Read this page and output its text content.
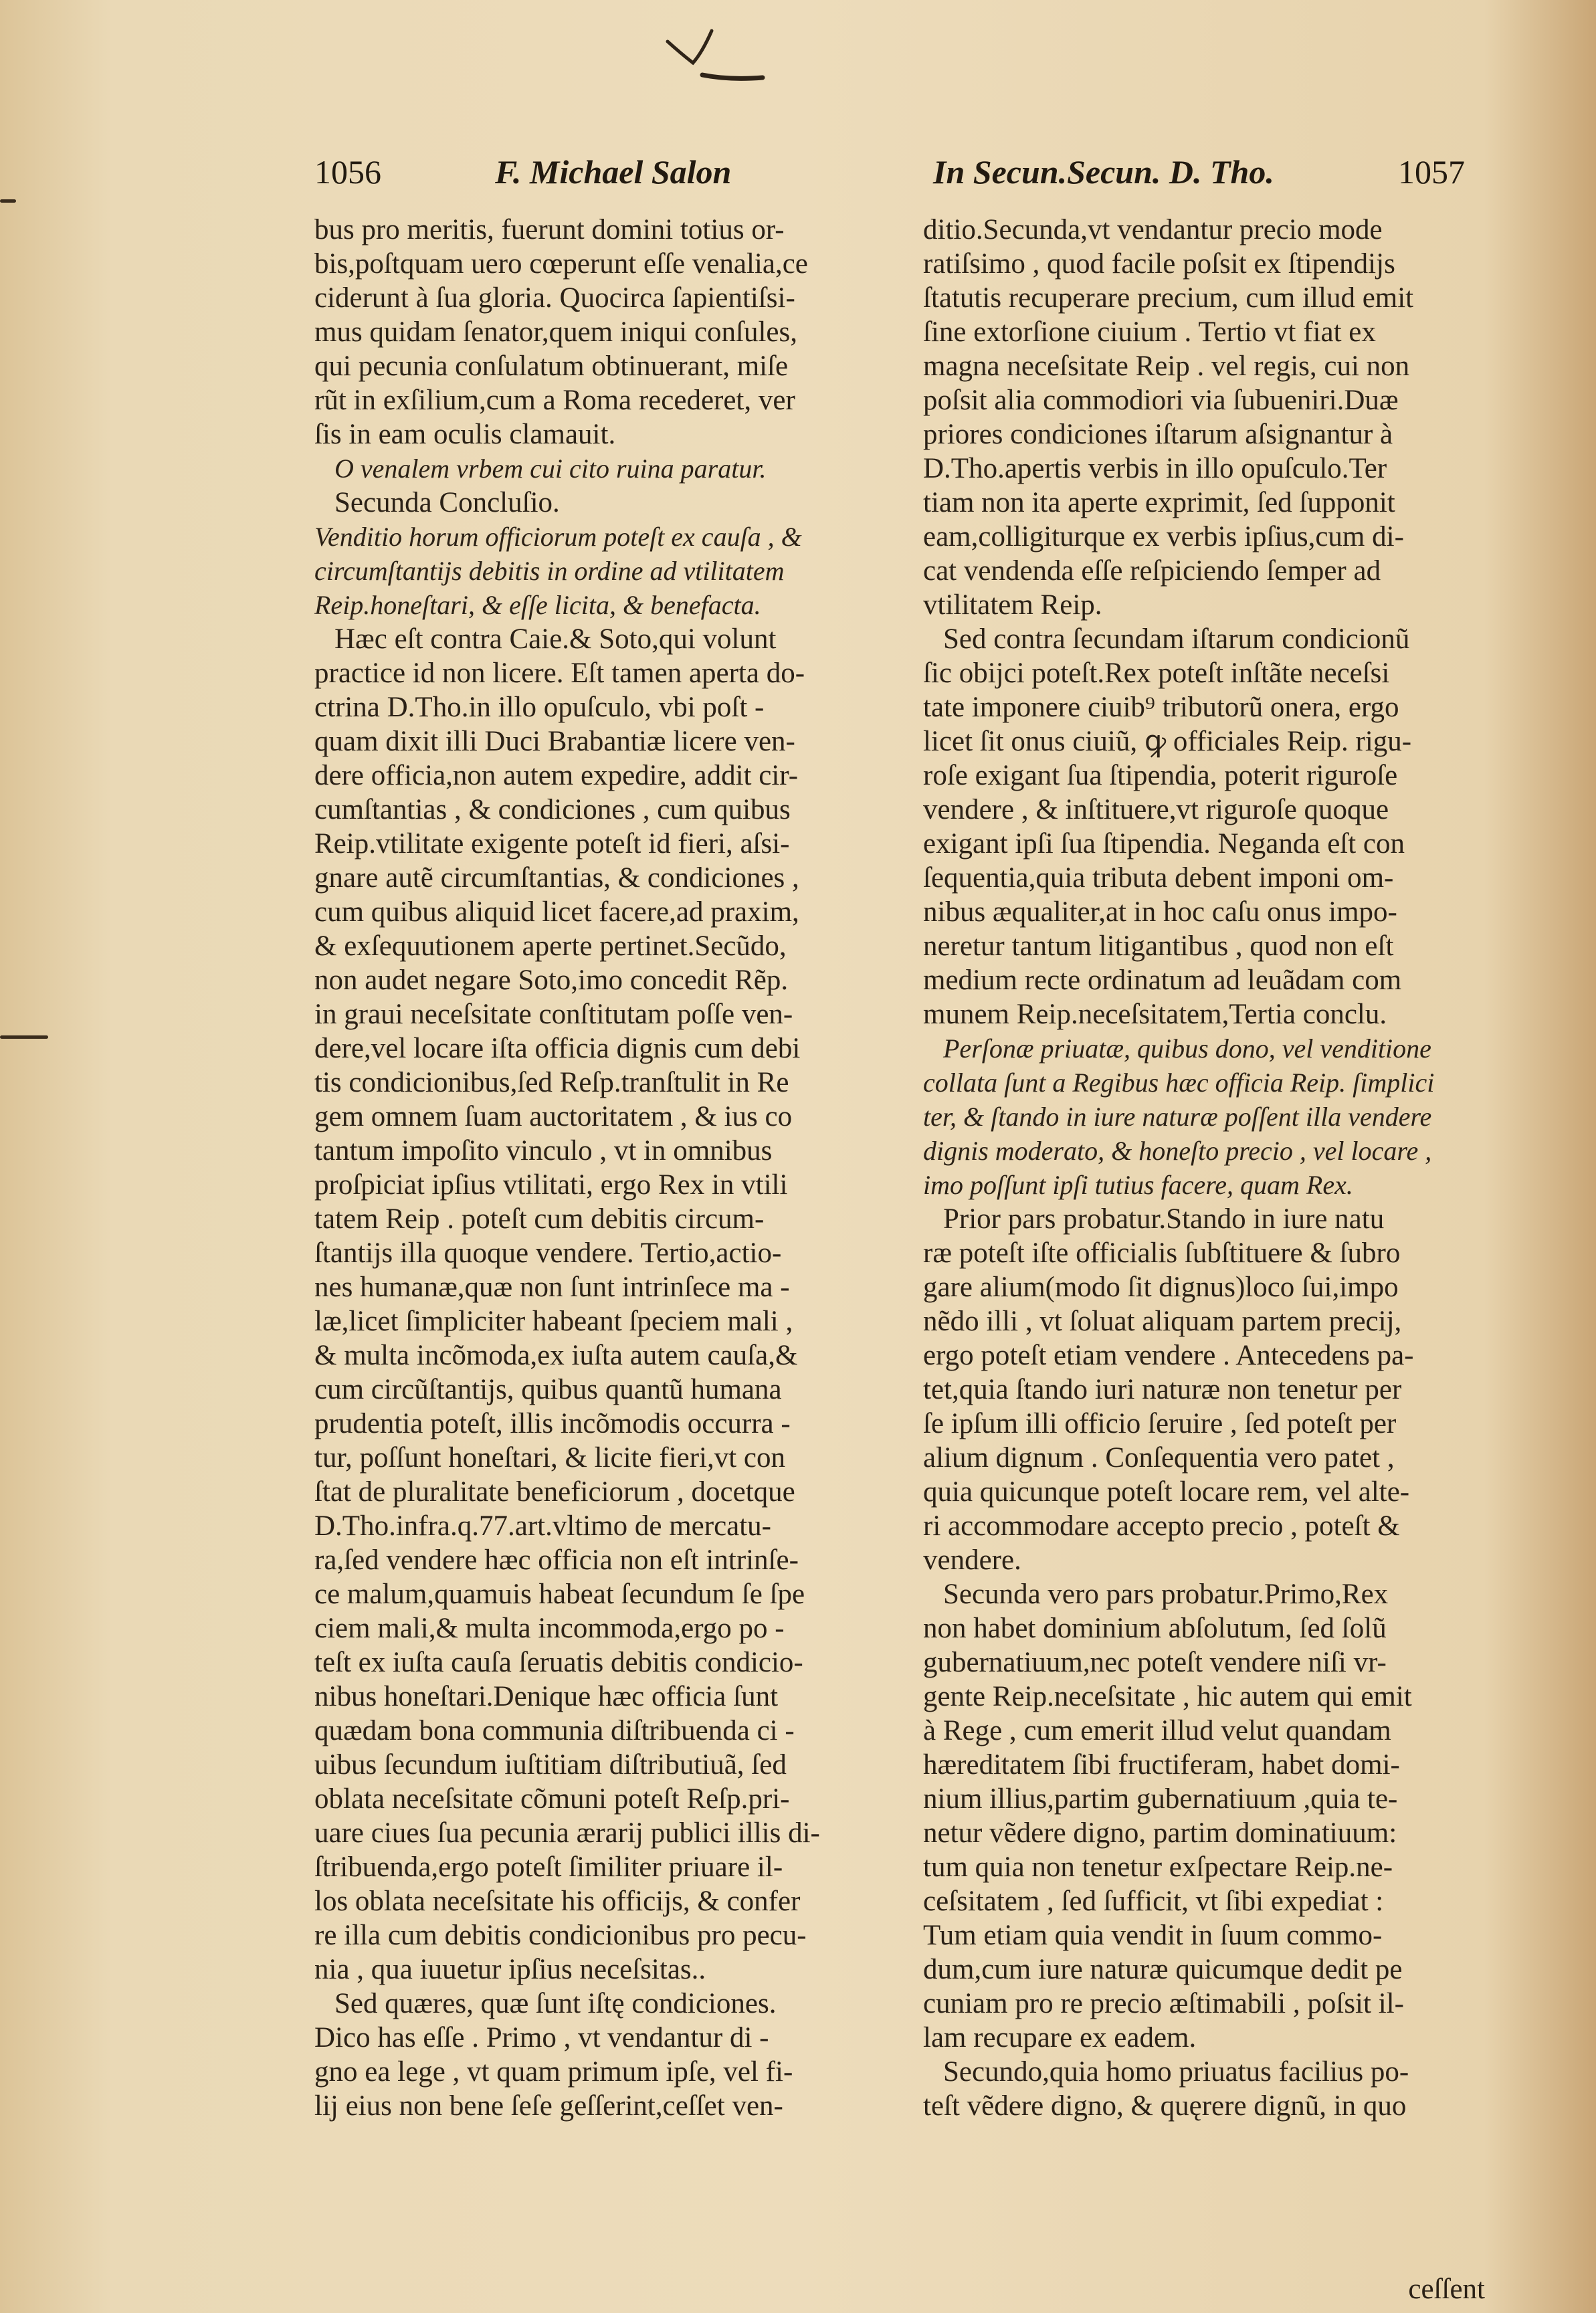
1056	F. Michael Salon	In Secun.Secun. D. Tho.	1057
bus pro meritis, fuerunt domini totius or-
bis,poſtquam uero cœperunt eſſe venalia,ce
ciderunt à ſua gloria. Quocirca ſapientiſsi-
mus quidam ſenator,quem iniqui conſules,
qui pecunia conſulatum obtinuerant, miſe
rũt in exſilium,cum a Roma recederet, ver
ſis in eam oculis clamauit.
O venalem vrbem cui cito ruina paratur.
Secunda Concluſio.
Venditio horum officiorum poteſt ex cauſa , &
circumſtantijs debitis in ordine ad vtilitatem
Reip.honeſtari, & eſſe licita, & benefacta.
Hæc eſt contra Caie.& Soto,qui volunt
practice id non licere. Eſt tamen aperta do-
ctrina D.Tho.in illo opuſculo, vbi poſt -
quam dixit illi Duci Brabantiæ licere ven-
dere officia,non autem expedire, addit cir-
cumſtantias , & condiciones , cum quibus
Reip.vtilitate exigente poteſt id fieri, aſsi-
gnare autẽ circumſtantias, & condiciones ,
cum quibus aliquid licet facere,ad praxim,
& exſequutionem aperte pertinet.Secũdo,
non audet negare Soto,imo concedit Rẽp.
in graui neceſsitate conſtitutam poſſe ven-
dere,vel locare iſta officia dignis cum debi
tis condicionibus,ſed Reſp.tranſtulit in Re
gem omnem ſuam auctoritatem , & ius co
tantum impoſito vinculo , vt in omnibus
proſpiciat ipſius vtilitati, ergo Rex in vtili
tatem Reip . poteſt cum debitis circum-
ſtantijs illa quoque vendere. Tertio,actio-
nes humanæ,quæ non ſunt intrinſece ma -
læ,licet ſimpliciter habeant ſpeciem mali ,
& multa incõmoda,ex iuſta autem cauſa,&
cum circũſtantijs, quibus quantũ humana
prudentia poteſt, illis incõmodis occurra -
tur, poſſunt honeſtari, & licite fieri,vt con
ſtat de pluralitate beneficiorum , docetque
D.Tho.infra.q.77.art.vltimo de mercatu-
ra,ſed vendere hæc officia non eſt intrinſe-
ce malum,quamuis habeat ſecundum ſe ſpe
ciem mali,& multa incommoda,ergo po -
teſt ex iuſta cauſa ſeruatis debitis condicio-
nibus honeſtari.Denique hæc officia ſunt
quædam bona communia diſtribuenda ci -
uibus ſecundum iuſtitiam diſtributiuã, ſed
oblata neceſsitate cõmuni poteſt Reſp.pri-
uare ciues ſua pecunia ærarij publici illis di-
ſtribuenda,ergo poteſt ſimiliter priuare il-
los oblata neceſsitate his officijs, & confer
re illa cum debitis condicionibus pro pecu-
nia , qua iuuetur ipſius neceſsitas..
Sed quæres, quæ ſunt iſtę condiciones.
Dico has eſſe . Primo , vt vendantur di -
gno ea lege , vt quam primum ipſe, vel fi-
lij eius non bene ſeſe geſſerint,ceſſet ven-
ditio.Secunda,vt vendantur precio mode
ratiſsimo , quod facile poſsit ex ſtipendijs
ſtatutis recuperare precium, cum illud emit
ſine extorſione ciuium . Tertio vt fiat ex
magna neceſsitate Reip . vel regis, cui non
poſsit alia commodiori via ſubueniri.Duæ
priores condiciones iſtarum aſsignantur à
D.Tho.apertis verbis in illo opuſculo.Ter
tiam non ita aperte exprimit, ſed ſupponit
eam,colligiturque ex verbis ipſius,cum di-
cat vendenda eſſe reſpiciendo ſemper ad
vtilitatem Reip.
Sed contra ſecundam iſtarum condicionũ
ſic obijci poteſt.Rex poteſt inſtãte neceſsi
tate imponere ciuib⁹ tributorũ onera, ergo
licet ſit onus ciuiũ, ꝙ officiales Reip. rigu-
roſe exigant ſua ſtipendia, poterit riguroſe
vendere , & inſtituere,vt riguroſe quoque
exigant ipſi ſua ſtipendia. Neganda eſt con
ſequentia,quia tributa debent imponi om-
nibus æqualiter,at in hoc caſu onus impo-
neretur tantum litigantibus , quod non eſt
medium recte ordinatum ad leuãdam com
munem Reip.neceſsitatem,Tertia conclu.
Perſonæ priuatæ, quibus dono, vel venditione
collata ſunt a Regibus hæc officia Reip. ſimplici
ter, & ſtando in iure naturæ poſſent illa vendere
dignis moderato, & honeſto precio , vel locare ,
imo poſſunt ipſi tutius facere, quam Rex.
Prior pars probatur.Stando in iure natu
ræ poteſt iſte officialis ſubſtituere & ſubro
gare alium(modo ſit dignus)loco ſui,impo
nẽdo illi , vt ſoluat aliquam partem precij,
ergo poteſt etiam vendere . Antecedens pa-
tet,quia ſtando iuri naturæ non tenetur per
ſe ipſum illi officio ſeruire , ſed poteſt per
alium dignum . Conſequentia vero patet ,
quia quicunque poteſt locare rem, vel alte-
ri accommodare accepto precio , poteſt &
vendere.
Secunda vero pars probatur.Primo,Rex
non habet dominium abſolutum, ſed ſolũ
gubernatiuum,nec poteſt vendere niſi vr-
gente Reip.neceſsitate , hic autem qui emit
à Rege , cum emerit illud velut quandam
hæreditatem ſibi fructiferam, habet domi-
nium illius,partim gubernatiuum ,quia te-
netur vẽdere digno, partim dominatiuum:
tum quia non tenetur exſpectare Reip.ne-
ceſsitatem , ſed ſufficit, vt ſibi expediat :
Tum etiam quia vendit in ſuum commo-
dum,cum iure naturæ quicumque dedit pe
cuniam pro re precio æſtimabili , poſsit il-
lam recupare ex eadem.
Secundo,quia homo priuatus facilius po-
teſt vẽdere digno, & quęrere dignũ, in quo
ceſſent
